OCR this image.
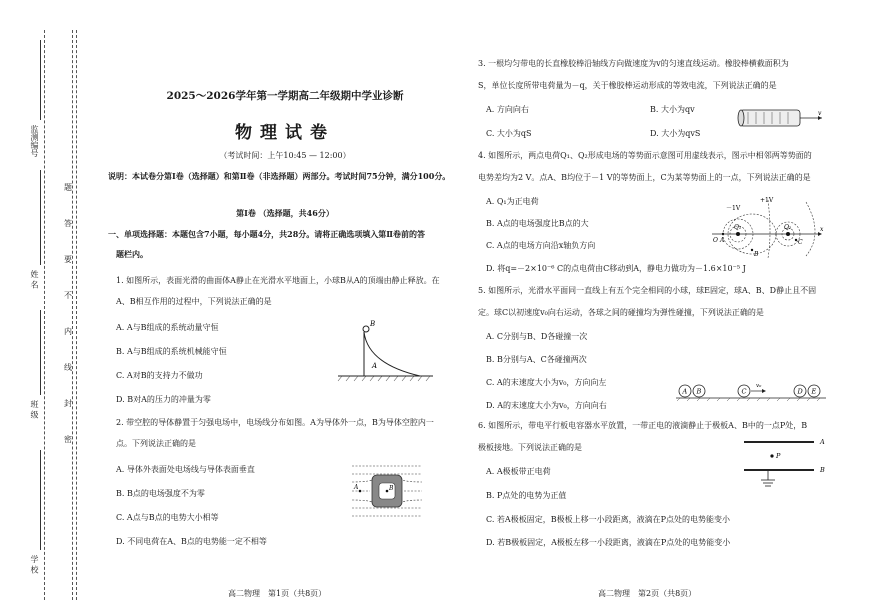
监测编号
姓 名
班 级
学 校
题
答
要
不
内
线
封
密
2025～2026学年第一学期高二年级期中学业诊断
物理试卷
（考试时间：上午10:45 — 12:00）
说明：本试卷分第Ⅰ卷（选择题）和第Ⅱ卷（非选择题）两部分。考试时间75分钟，满分100分。
第Ⅰ卷 （选择题，共46分）
一、单项选择题：本题包含7小题，每小题4分，共28分。请将正确选项填入第Ⅱ卷前的答
题栏内。
1. 如图所示，表面光滑的曲面体A静止在光滑水平地面上，小球B从A的顶端由静止释放。在
A、B相互作用的过程中，下列说法正确的是
A. A与B组成的系统动量守恒
B. A与B组成的系统机械能守恒
C. A对B的支持力不做功
D. B对A的压力的冲量为零
B
A
2. 带空腔的导体静置于匀强电场中，电场线分布如图。A为导体外一点，B为导体空腔内一
点。下列说法正确的是
A. 导体外表面处电场线与导体表面垂直
B. B点的电场强度不为零
C. A点与B点的电势大小相等
D. 不同电荷在A、B点的电势能一定不相等
A	B
高二物理　第1页（共8页）
3. 一根均匀带电的长直橡胶棒沿轴线方向做速度为v的匀速直线运动。橡胶棒横截面积为
S，单位长度所带电荷量为－q，关于橡胶棒运动形成的等效电流，下列说法正确的是
A. 方向向右	B. 大小为qv
C. 大小为qS	D. 大小为qvS
v
4. 如图所示，两点电荷Q₁、Q₂形成电场的等势面示意图可用虚线表示，图示中相邻两等势面的
电势差均为2 V。点A、B均位于－1 V的等势面上，C为某等势面上的一点，下列说法正确的是
A. Q₁为正电荷
B. A点的电场强度比B点的大
C. A点的电场方向沿x轴负方向
D. 将q=－2×10⁻⁶ C的点电荷由C移动到A，静电力做功为－1.6×10⁻⁵ J
x
O
Q₁	Q₂
+1V
－1V
A
B
C
5. 如图所示，光滑水平面同一直线上有五个完全相同的小球，球E固定，球A、B、D静止且不固
定。球C以初速度v₀向右运动，各球之间的碰撞均为弹性碰撞，下列说法正确的是
A. C分别与B、D各碰撞一次
B. B分别与A、C各碰撞两次
C. A的末速度大小为v₀，方向向左
D. A的末速度大小为v₀，方向向右
A B	C
v₀
D E
6. 如图所示，带电平行板电容器水平放置，一带正电的液滴静止于极板A、B中的一点P处，B
极板接地。下列说法正确的是
A. A极板带正电荷
B. P点处的电势为正值
C. 若A极板固定，B极板上移一小段距离，液滴在P点处的电势能变小
D. 若B极板固定，A极板左移一小段距离，液滴在P点处的电势能变小
A
P
B
高二物理　第2页（共8页）
